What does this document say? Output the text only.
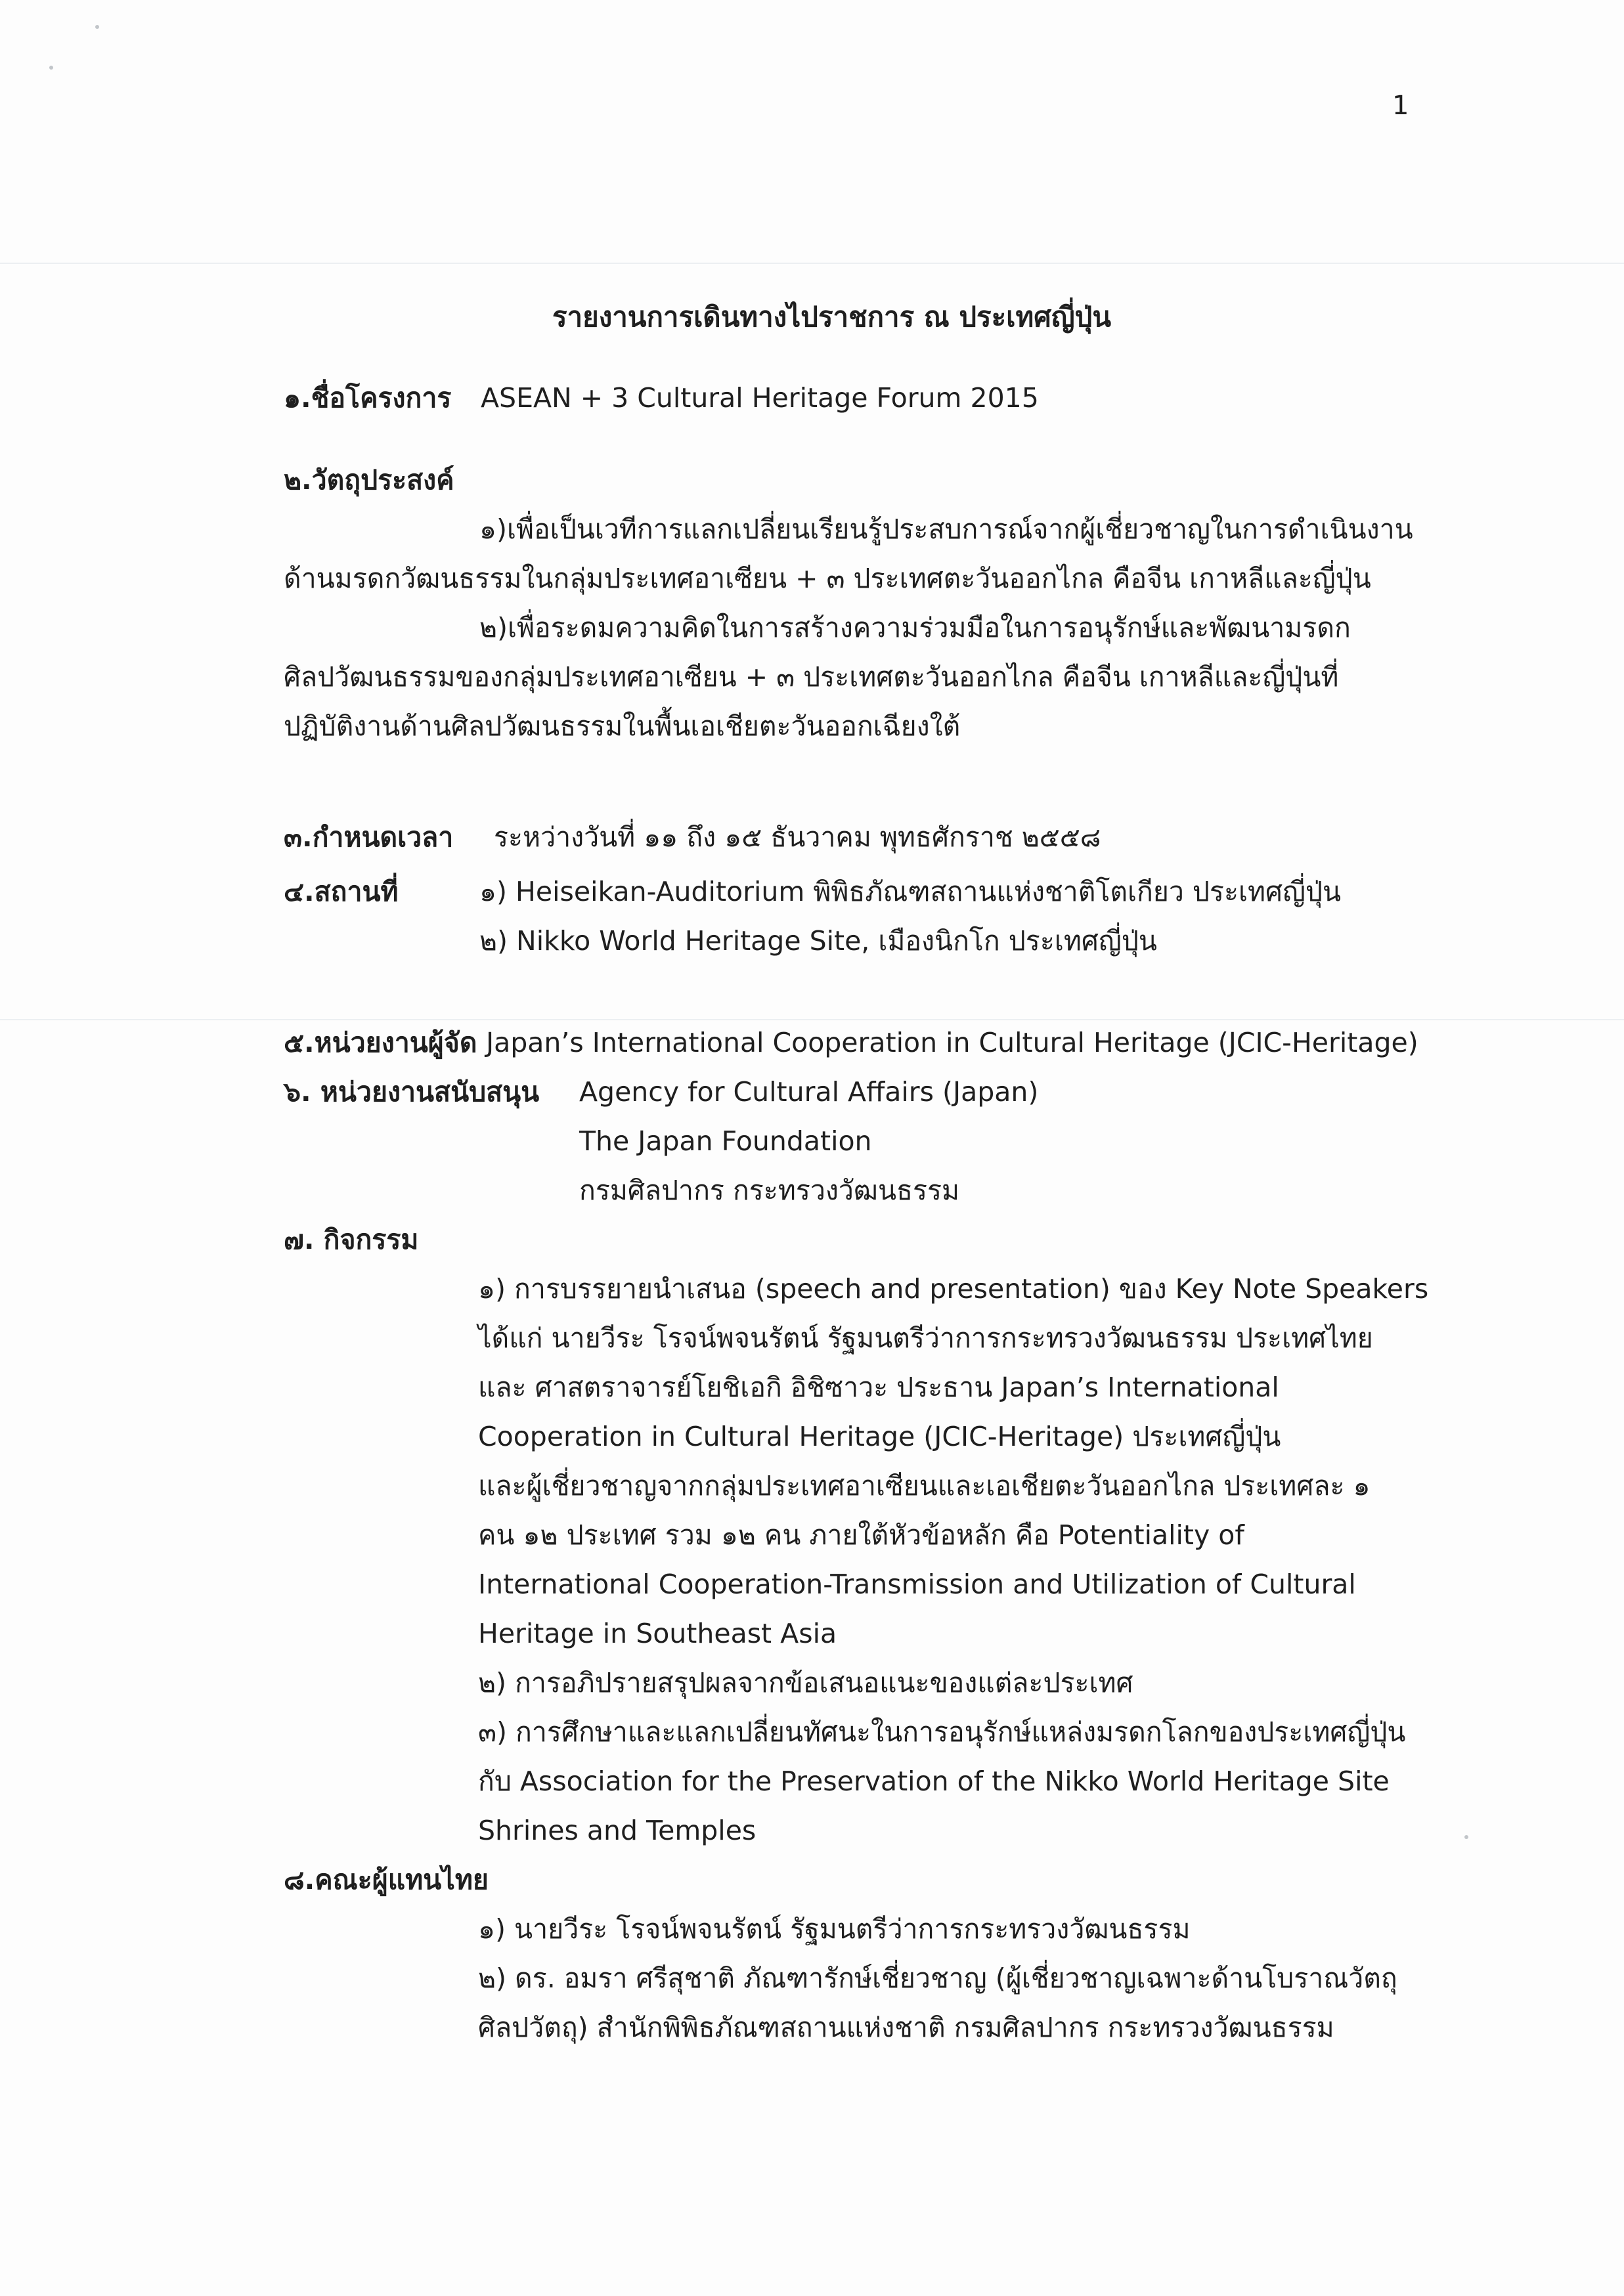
1
รายงานการเดินทางไปราชการ ณ ประเทศญี่ปุ่น
๑.ชื่อโครงการ ASEAN + 3 Cultural Heritage Forum 2015
๒.วัตถุประสงค์
๑)เพื่อเป็นเวทีการแลกเปลี่ยนเรียนรู้ประสบการณ์จากผู้เชี่ยวชาญในการดำเนินงาน
ด้านมรดกวัฒนธรรมในกลุ่มประเทศอาเซียน + ๓ ประเทศตะวันออกไกล คือจีน เกาหลีและญี่ปุ่น
๒)เพื่อระดมความคิดในการสร้างความร่วมมือในการอนุรักษ์และพัฒนามรดก
ศิลปวัฒนธรรมของกลุ่มประเทศอาเซียน + ๓ ประเทศตะวันออกไกล คือจีน เกาหลีและญี่ปุ่นที่
ปฏิบัติงานด้านศิลปวัฒนธรรมในพื้นเอเชียตะวันออกเฉียงใต้
๓.กำหนดเวลา ระหว่างวันที่ ๑๑ ถึง ๑๕ ธันวาคม พุทธศักราช ๒๕๕๘
๔.สถานที่	๑) Heiseikan-Auditorium พิพิธภัณฑสถานแห่งชาติโตเกียว ประเทศญี่ปุ่น
๒) Nikko World Heritage Site, เมืองนิกโก ประเทศญี่ปุ่น
๕.หน่วยงานผู้จัด Japan’s International Cooperation in Cultural Heritage (JCIC-Heritage)
๖. หน่วยงานสนับสนุน Agency for Cultural Affairs (Japan)
The Japan Foundation
กรมศิลปากร กระทรวงวัฒนธรรม
๗. กิจกรรม
๑) การบรรยายนำเสนอ (speech and presentation) ของ Key Note Speakers
ได้แก่ นายวีระ โรจน์พจนรัตน์ รัฐมนตรีว่าการกระทรวงวัฒนธรรม ประเทศไทย
และ ศาสตราจารย์โยชิเอกิ อิชิซาวะ ประธาน Japan’s International
Cooperation in Cultural Heritage (JCIC-Heritage) ประเทศญี่ปุ่น
และผู้เชี่ยวชาญจากกลุ่มประเทศอาเซียนและเอเชียตะวันออกไกล ประเทศละ ๑
คน ๑๒ ประเทศ รวม ๑๒ คน ภายใต้หัวข้อหลัก คือ Potentiality of
International Cooperation-Transmission and Utilization of Cultural
Heritage in Southeast Asia
๒) การอภิปรายสรุปผลจากข้อเสนอแนะของแต่ละประเทศ
๓) การศึกษาและแลกเปลี่ยนทัศนะในการอนุรักษ์แหล่งมรดกโลกของประเทศญี่ปุ่น
กับ Association for the Preservation of the Nikko World Heritage Site
Shrines and Temples
๘.คณะผู้แทนไทย
๑) นายวีระ โรจน์พจนรัตน์ รัฐมนตรีว่าการกระทรวงวัฒนธรรม
๒) ดร. อมรา ศรีสุชาติ ภัณฑารักษ์เชี่ยวชาญ (ผู้เชี่ยวชาญเฉพาะด้านโบราณวัตถุ
ศิลปวัตถุ) สำนักพิพิธภัณฑสถานแห่งชาติ กรมศิลปากร กระทรวงวัฒนธรรม
